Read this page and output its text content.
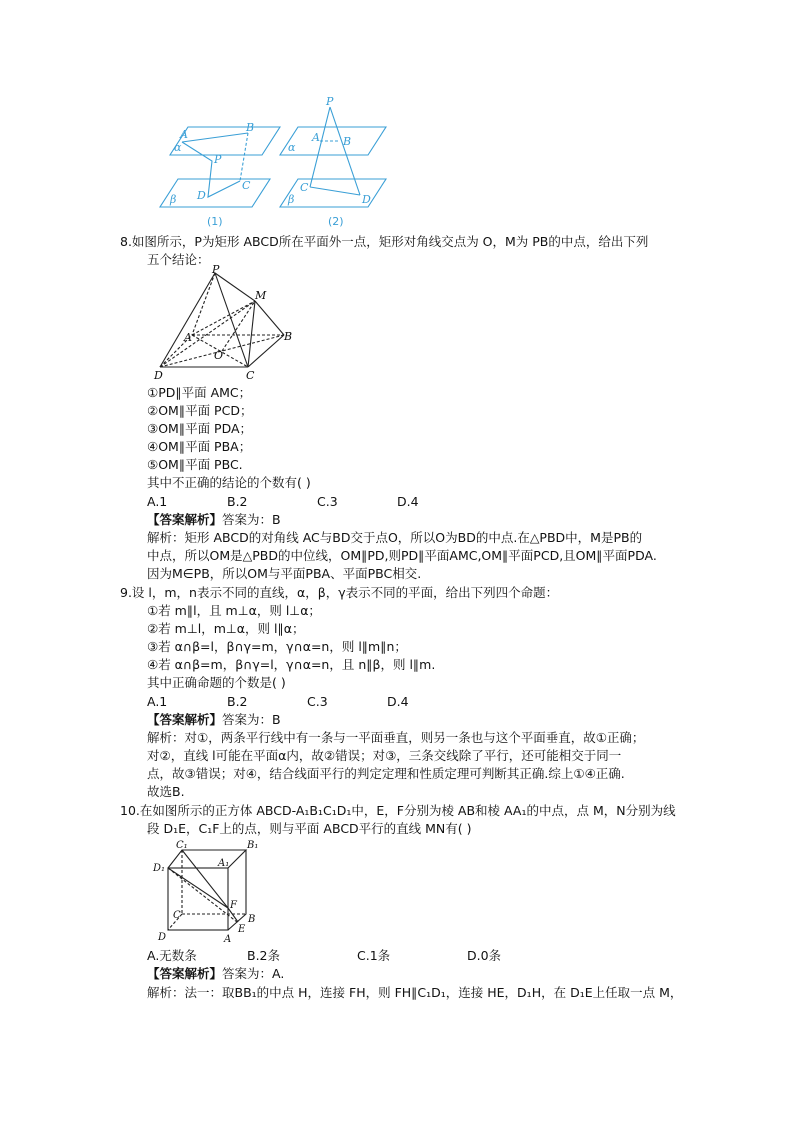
α
β
A
B
P
D
C
(1)
α
β
P
A B
C
D
(2)
8.如图所示，P为矩形 ABCD所在平面外一点，矩形对角线交点为 O，M为 PB的中点，给出下列
五个结论：
P
M
A
O
B
D	C
①PD∥平面 AMC；
②OM∥平面 PCD；
③OM∥平面 PDA；
④OM∥平面 PBA；
⑤OM∥平面 PBC.
其中不正确的结论的个数有( )
A.1	B.2	C.3	D.4
【答案解析】答案为：B
解析：矩形 ABCD的对角线 AC与BD交于点O，所以O为BD的中点.在△PBD中，M是PB的
中点，所以OM是△PBD的中位线，OM∥PD,则PD∥平面AMC,OM∥平面PCD,且OM∥平面PDA.
因为M∈PB，所以OM与平面PBA、平面PBC相交.
9.设 l，m，n表示不同的直线，α，β，γ表示不同的平面，给出下列四个命题：
①若 m∥l，且 m⊥α，则 l⊥α；
②若 m⊥l，m⊥α，则 l∥α；
③若 α∩β=l，β∩γ=m，γ∩α=n，则 l∥m∥n；
④若 α∩β=m，β∩γ=l，γ∩α=n，且 n∥β，则 l∥m.
其中正确命题的个数是( )
A.1	B.2	C.3	D.4
【答案解析】答案为：B
解析：对①，两条平行线中有一条与一平面垂直，则另一条也与这个平面垂直，故①正确；
对②，直线 l可能在平面α内，故②错误；对③，三条交线除了平行，还可能相交于同一
点，故③错误；对④，结合线面平行的判定定理和性质定理可判断其正确.综上①④正确.
故选B.
10.在如图所示的正方体 ABCD-A₁B₁C₁D₁中，E，F分别为棱 AB和棱 AA₁的中点，点 M，N分别为线
段 D₁E，C₁F上的点，则与平面 ABCD平行的直线 MN有( )
C₁	B₁
D₁	A₁
F
C	B
D
E
A
A.无数条	B.2条	C.1条	D.0条
【答案解析】答案为：A.
解析：法一：取BB₁的中点 H，连接 FH，则 FH∥C₁D₁，连接 HE，D₁H，在 D₁E上任取一点 M，
